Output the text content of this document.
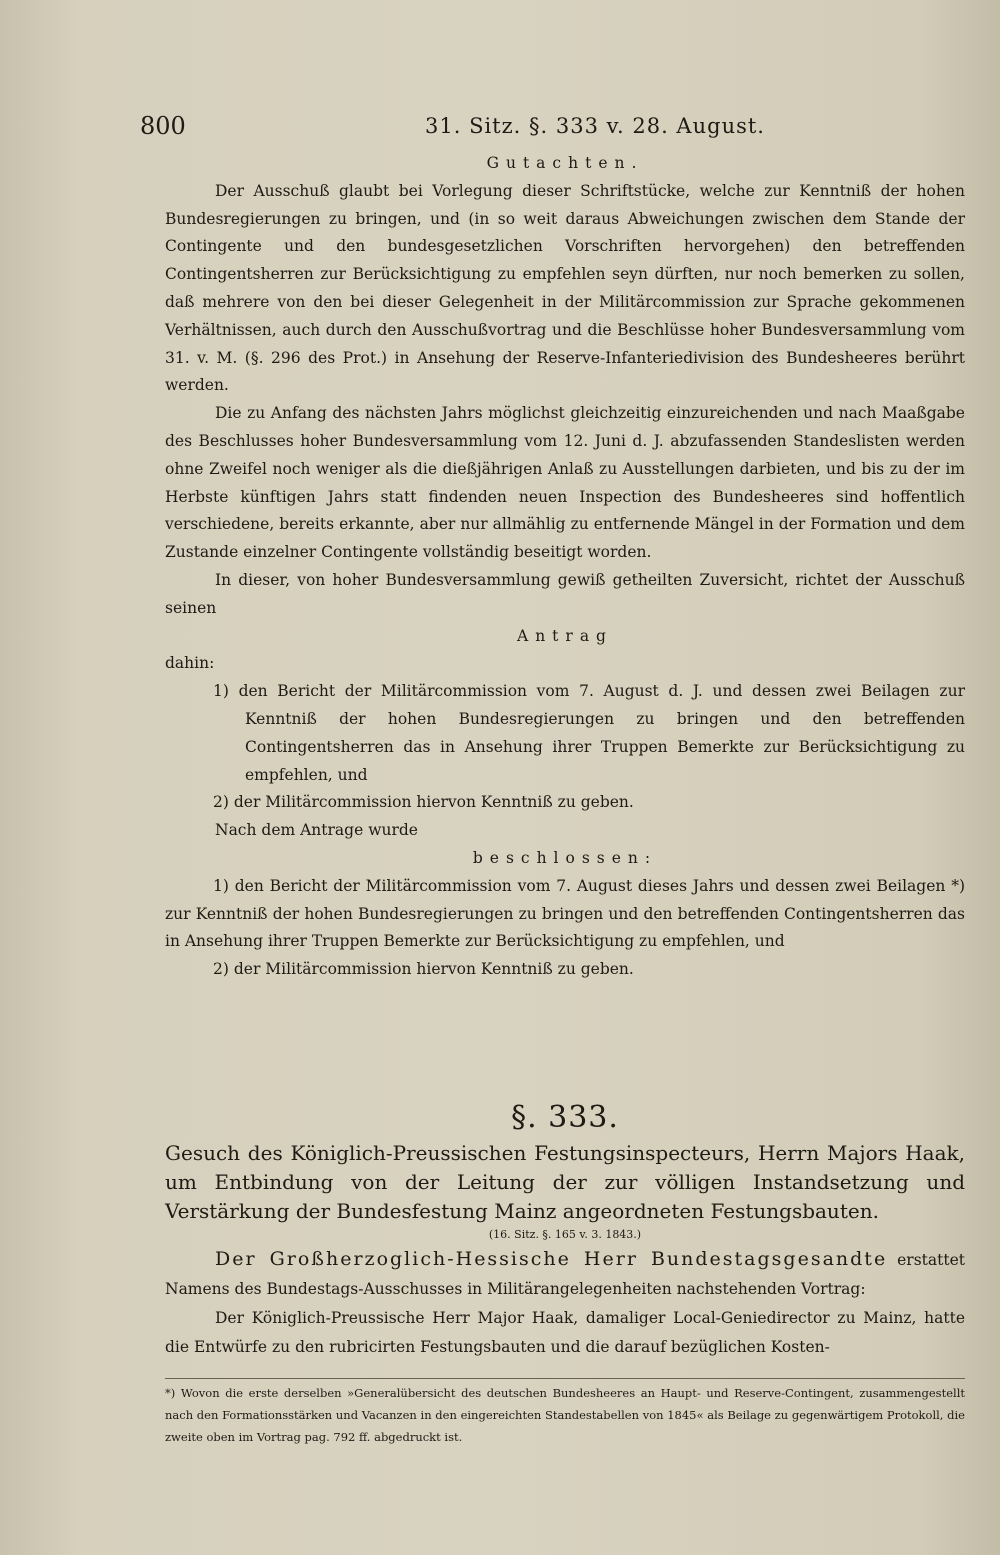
800	31. Sitz. §. 333 v. 28. August.

Gutachten.

Der Ausschuß glaubt bei Vorlegung dieser Schriftstücke, welche zur Kenntniß der hohen Bundesregierungen zu bringen, und (in so weit daraus Abweichungen zwischen dem Stande der Contingente und den bundesgesetzlichen Vorschriften hervorgehen) den betreffenden Contingentsherren zur Berücksichtigung zu empfehlen seyn dürften, nur noch bemerken zu sollen, daß mehrere von den bei dieser Gelegenheit in der Militärcommission zur Sprache gekommenen Verhältnissen, auch durch den Ausschußvortrag und die Beschlüsse hoher Bundesversammlung vom 31. v. M. (§. 296 des Prot.) in Ansehung der Reserve-Infanteriedivision des Bundesheeres berührt werden.

Die zu Anfang des nächsten Jahrs möglichst gleichzeitig einzureichenden und nach Maaßgabe des Beschlusses hoher Bundesversammlung vom 12. Juni d. J. abzufassenden Standeslisten werden ohne Zweifel noch weniger als die dießjährigen Anlaß zu Ausstellungen darbieten, und bis zu der im Herbste künftigen Jahrs statt findenden neuen Inspection des Bundesheeres sind hoffentlich verschiedene, bereits erkannte, aber nur allmählig zu entfernende Mängel in der Formation und dem Zustande einzelner Contingente vollständig beseitigt worden.

In dieser, von hoher Bundesversammlung gewiß getheilten Zuversicht, richtet der Ausschuß seinen

Antrag

dahin:

1) den Bericht der Militärcommission vom 7. August d. J. und dessen zwei Beilagen zur Kenntniß der hohen Bundesregierungen zu bringen und den betreffenden Contingentsherren das in Ansehung ihrer Truppen Bemerkte zur Berücksichtigung zu empfehlen, und

2) der Militärcommission hiervon Kenntniß zu geben.

Nach dem Antrage wurde

beschlossen:

1) den Bericht der Militärcommission vom 7. August dieses Jahrs und dessen zwei Beilagen *) zur Kenntniß der hohen Bundesregierungen zu bringen und den betreffenden Contingentsherren das in Ansehung ihrer Truppen Bemerkte zur Berücksichtigung zu empfehlen, und

2) der Militärcommission hiervon Kenntniß zu geben.

§. 333.

Gesuch des Königlich-Preussischen Festungsinspecteurs, Herrn Majors Haak, um Entbindung von der Leitung der zur völligen Instandsetzung und Verstärkung der Bundesfestung Mainz angeordneten Festungsbauten.

(16. Sitz. §. 165 v. 3. 1843.)

Der Großherzoglich-Hessische Herr Bundestagsgesandte erstattet Namens des Bundestags-Ausschusses in Militärangelegenheiten nachstehenden Vortrag:

Der Königlich-Preussische Herr Major Haak, damaliger Local-Geniedirector zu Mainz, hatte die Entwürfe zu den rubricirten Festungsbauten und die darauf bezüglichen Kosten-

*) Wovon die erste derselben »Generalübersicht des deutschen Bundesheeres an Haupt- und Reserve-Contingent, zusammengestellt nach den Formationsstärken und Vacanzen in den eingereichten Standestabellen von 1845« als Beilage zu gegenwärtigem Protokoll, die zweite oben im Vortrag pag. 792 ff. abgedruckt ist.
